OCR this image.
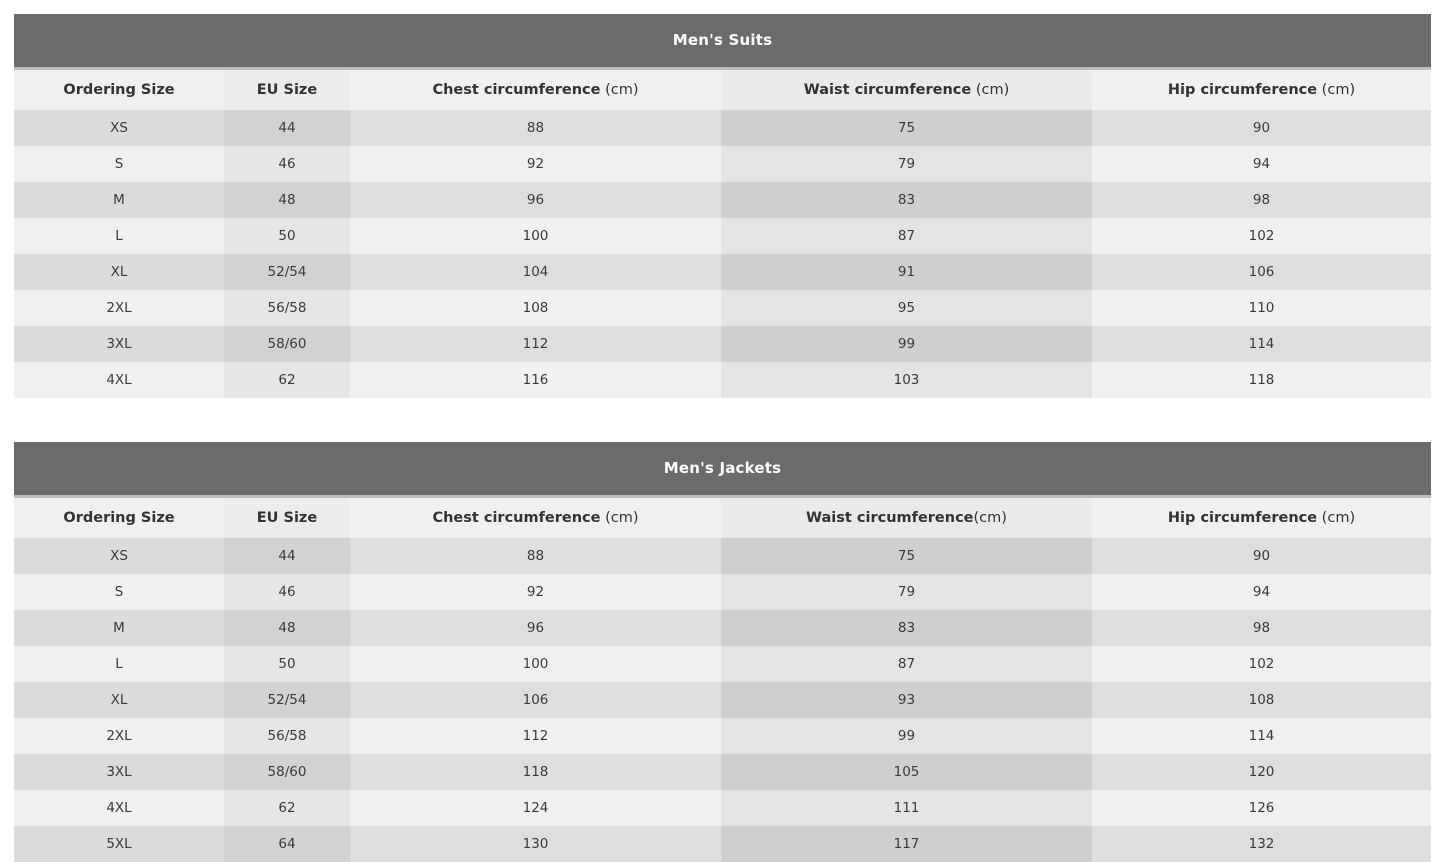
Men's Suits				
Ordering Size	EU Size	Chest circumference (cm)	Waist circumference (cm)	Hip circumference (cm)
XS	44	88	75	90
S	46	92	79	94
M	48	96	83	98
L	50	100	87	102
XL	52/54	104	91	106
2XL	56/58	108	95	110
3XL	58/60	112	99	114
4XL	62	116	103	118
Men's Jackets				
Ordering Size	EU Size	Chest circumference (cm)	Waist circumference(cm)	Hip circumference (cm)
XS	44	88	75	90
S	46	92	79	94
M	48	96	83	98
L	50	100	87	102
XL	52/54	106	93	108
2XL	56/58	112	99	114
3XL	58/60	118	105	120
4XL	62	124	111	126
5XL	64	130	117	132
